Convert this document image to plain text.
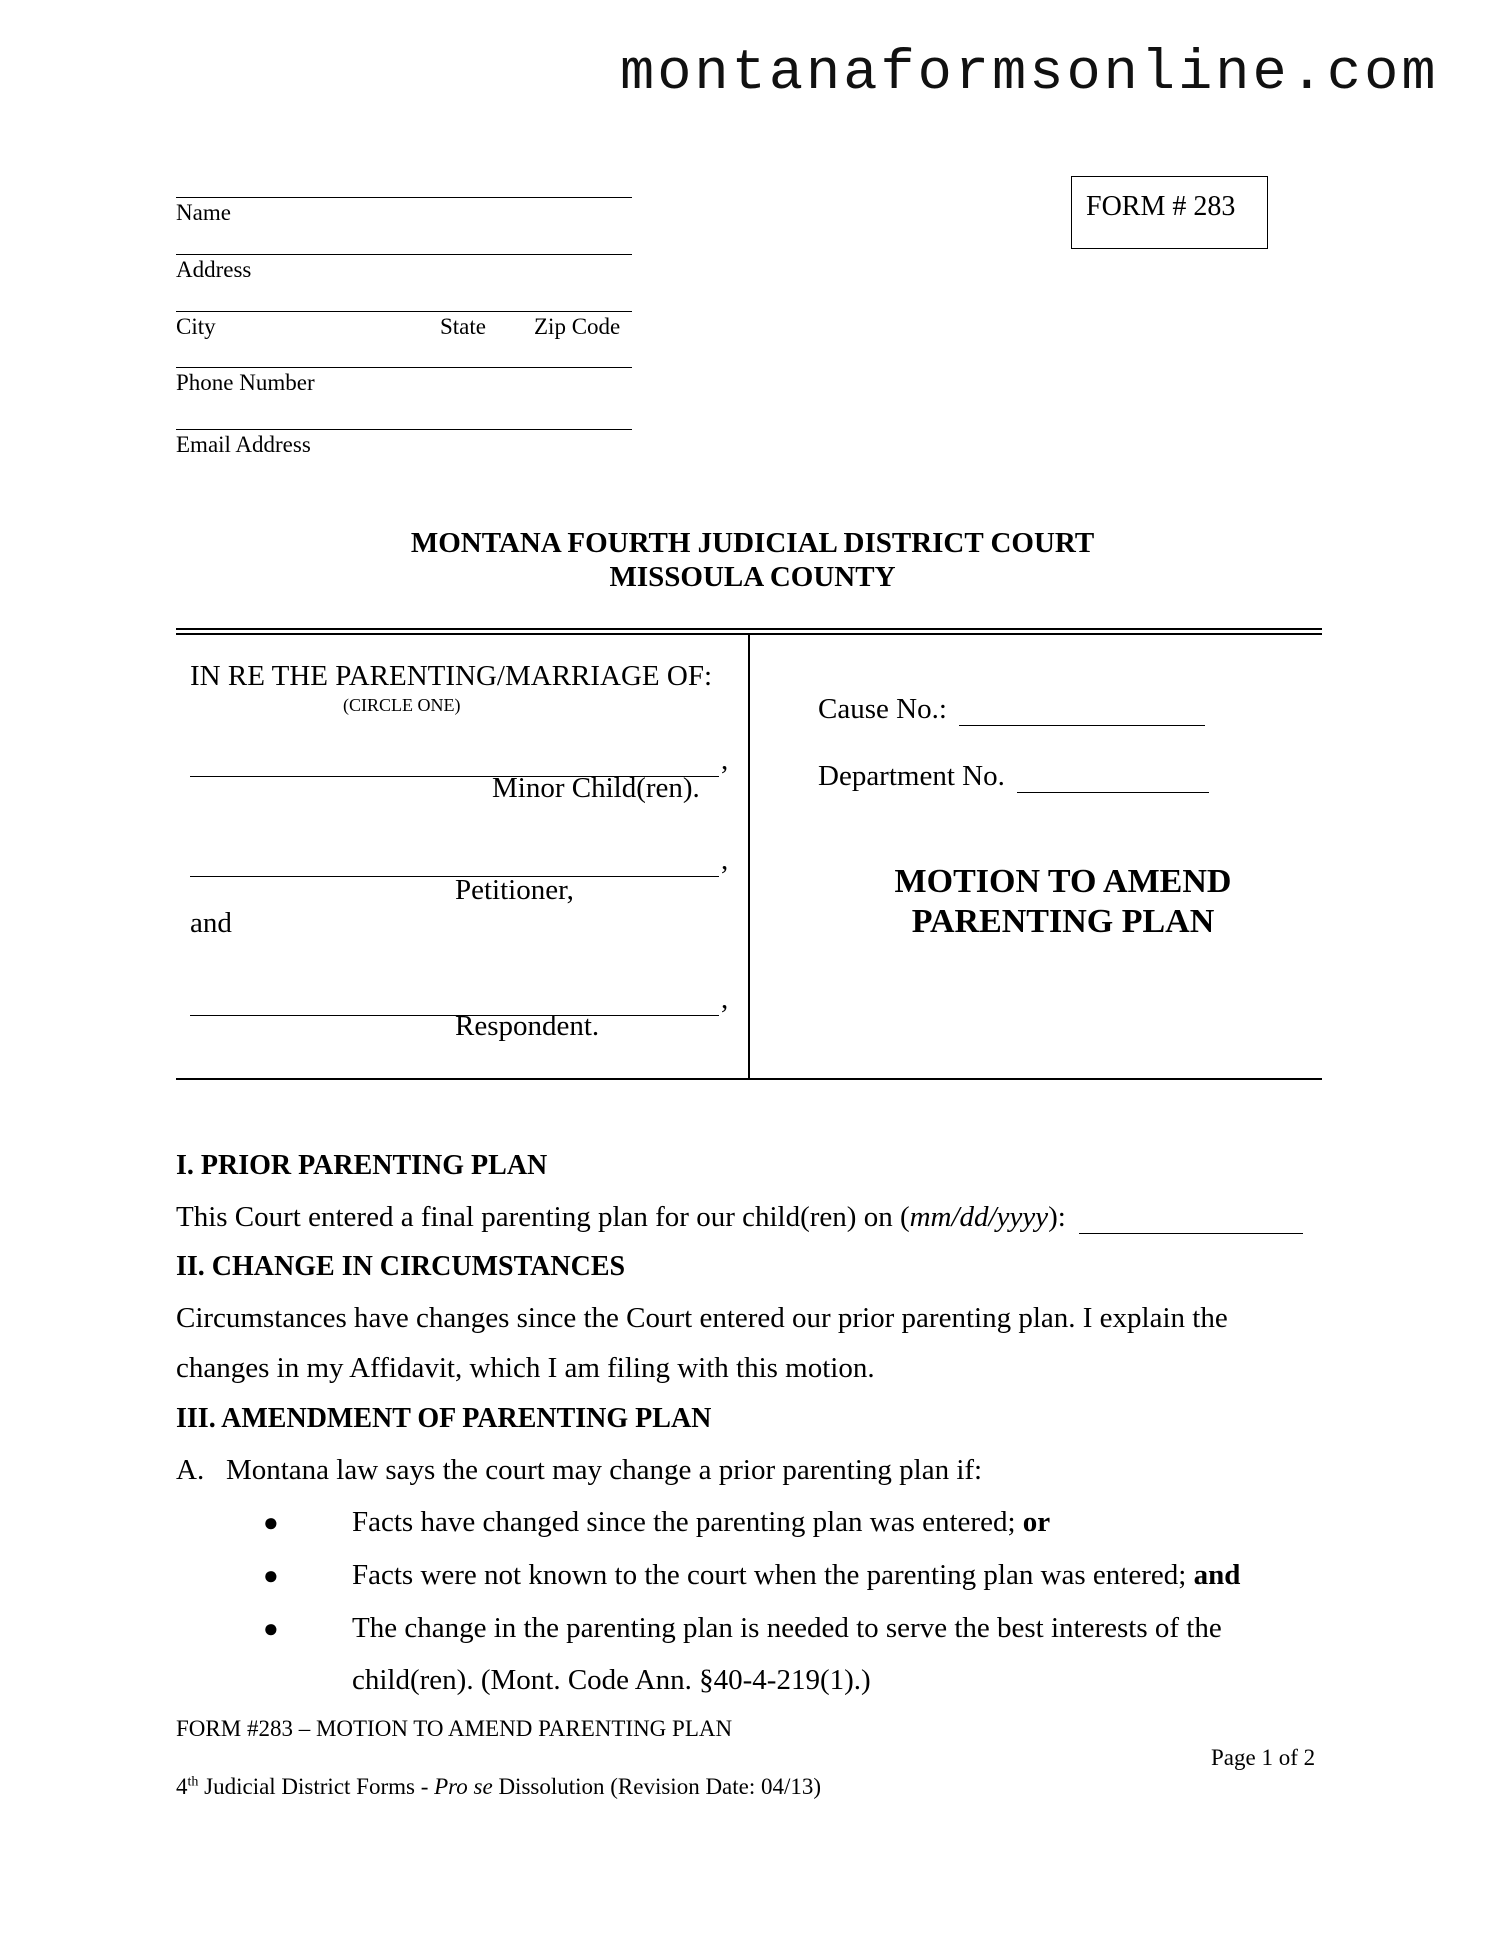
montanaformsonline.com
Name
Address
City	State Zip Code
Phone Number
Email Address
FORM # 283
MONTANA FOURTH JUDICIAL DISTRICT COURT
MISSOULA COUNTY
IN RE THE PARENTING/MARRIAGE OF:
(CIRCLE ONE)
,
Minor Child(ren).
,
Petitioner,
and
,
Respondent.
Cause No.:
Department No.
MOTION TO AMEND
PARENTING PLAN
I. PRIOR PARENTING PLAN
This Court entered a final parenting plan for our child(ren) on (mm/dd/yyyy):
II. CHANGE IN CIRCUMSTANCES
Circumstances have changes since the Court entered our prior parenting plan. I explain the
changes in my Affidavit, which I am filing with this motion.
III. AMENDMENT OF PARENTING PLAN
A.   Montana law says the court may change a prior parenting plan if:
●	Facts have changed since the parenting plan was entered; or
●	Facts were not known to the court when the parenting plan was entered; and
●	The change in the parenting plan is needed to serve the best interests of the
child(ren). (Mont. Code Ann. §40-4-219(1).)
FORM #283 – MOTION TO AMEND PARENTING PLAN
Page 1 of 2
4th Judicial District Forms - Pro se Dissolution (Revision Date: 04/13)
